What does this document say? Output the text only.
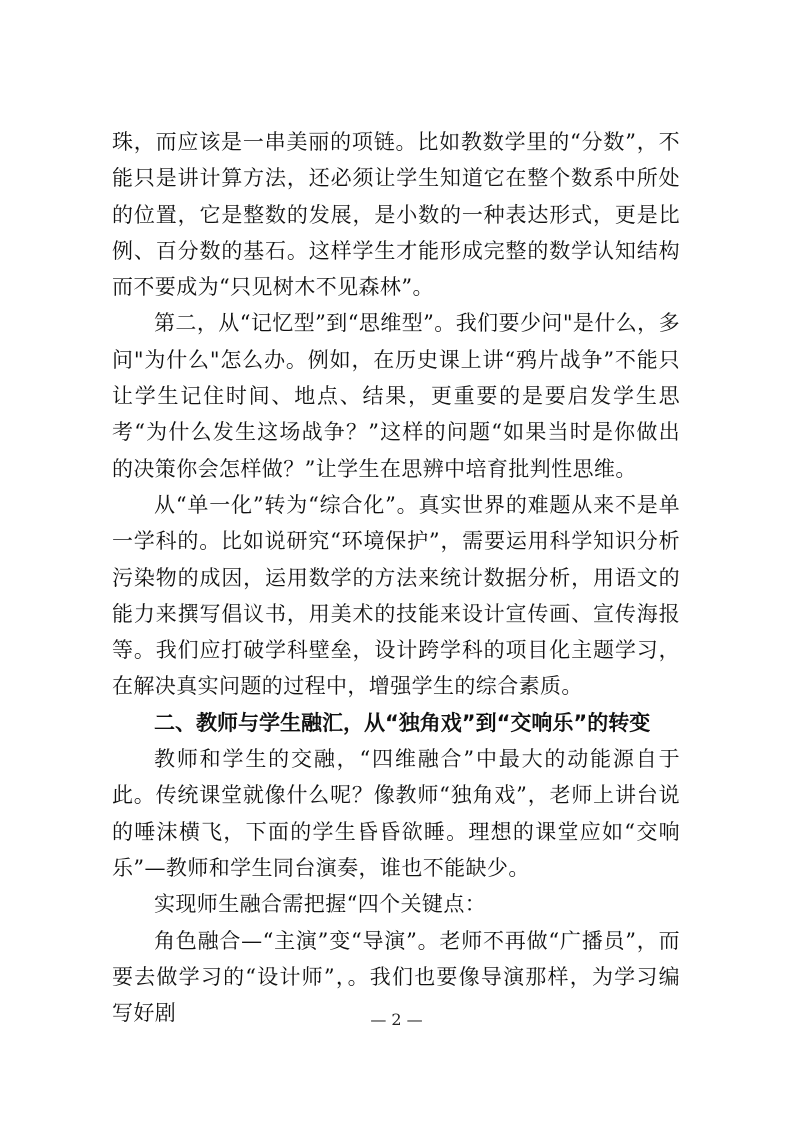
珠，而应该是一串美丽的项链。比如教数学里的“分数”，不能只是讲计算方法，还必须让学生知道它在整个数系中所处的位置，它是整数的发展，是小数的一种表达形式，更是比例、百分数的基石。这样学生才能形成完整的数学认知结构而不要成为“只见树木不见森林”。

第二，从“记忆型”到“思维型”。我们要少问"是什么，多问"为什么"怎么办。例如，在历史课上讲“鸦片战争”不能只让学生记住时间、地点、结果，更重要的是要启发学生思考“为什么发生这场战争？”这样的问题“如果当时是你做出的决策你会怎样做？”让学生在思辨中培育批判性思维。

从“单一化”转为“综合化”。真实世界的难题从来不是单一学科的。比如说研究“环境保护”，需要运用科学知识分析污染物的成因，运用数学的方法来统计数据分析，用语文的能力来撰写倡议书，用美术的技能来设计宣传画、宣传海报等。我们应打破学科壁垒，设计跨学科的项目化主题学习，在解决真实问题的过程中，增强学生的综合素质。

二、教师与学生融汇，从“独角戏”到“交响乐”的转变

教师和学生的交融，“四维融合”中最大的动能源自于此。传统课堂就像什么呢？像教师“独角戏”，老师上讲台说的唾沫横飞，下面的学生昏昏欲睡。理想的课堂应如“交响乐”—教师和学生同台演奏，谁也不能缺少。

实现师生融合需把握“四个关键点：

角色融合—“主演”变“导演”。老师不再做“广播员”，而要去做学习的“设计师”，。我们也要像导演那样，为学习编写好剧	— 2 —
